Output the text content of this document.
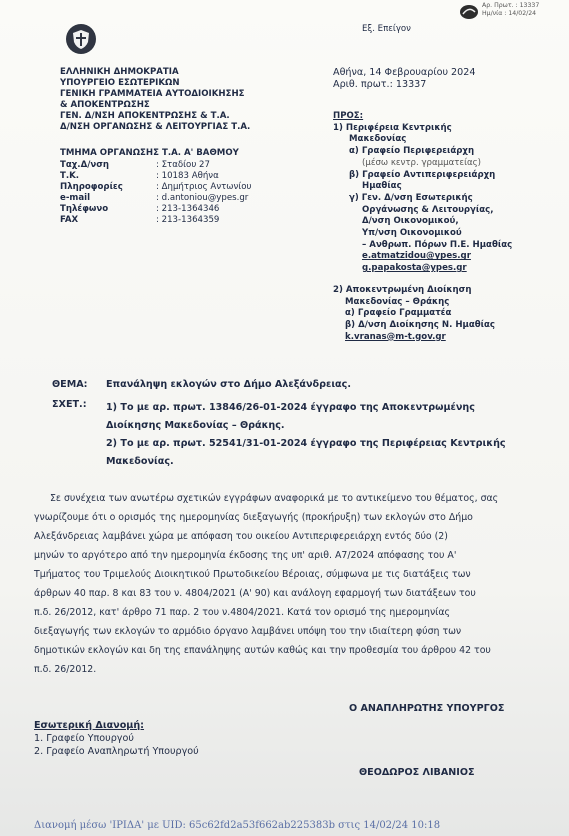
Αρ. Πρωτ. : 13337
Ημ/νία : 14/02/24
Εξ. Επείγον
ΕΛΛΗΝΙΚΗ ΔΗΜΟΚΡΑΤΙΑ
ΥΠΟΥΡΓΕΙΟ ΕΣΩΤΕΡΙΚΩΝ
ΓΕΝΙΚΗ ΓΡΑΜΜΑΤΕΙΑ ΑΥΤΟΔΙΟΙΚΗΣΗΣ
& ΑΠΟΚΕΝΤΡΩΣΗΣ
ΓΕΝ. Δ/ΝΣΗ ΑΠΟΚΕΝΤΡΩΣΗΣ & Τ.Α.
Δ/ΝΣΗ ΟΡΓΑΝΩΣΗΣ & ΛΕΙΤΟΥΡΓΙΑΣ Τ.Α.
ΤΜΗΜΑ ΟΡΓΑΝΩΣΗΣ Τ.Α. Α' ΒΑΘΜΟΥ
Ταχ.Δ/νση	: Σταδίου 27
Τ.Κ.	: 10183 Αθήνα
Πληροφορίες	: Δημήτριος Αντωνίου
e-mail	: d.antoniou@ypes.gr
Τηλέφωνο	: 213-1364346
FAX	: 213-1364359
Αθήνα, 14 Φεβρουαρίου 2024
Αριθ. πρωτ.: 13337
ΠΡΟΣ:
1) Περιφέρεια Κεντρικής
Μακεδονίας
α) Γραφείο Περιφερειάρχη
(μέσω κεντρ. γραμματείας)
β) Γραφείο Αντιπεριφερειάρχη
Ημαθίας
γ) Γεν. Δ/νση Εσωτερικής
Οργάνωσης & Λειτουργίας,
Δ/νση Οικονομικού,
Υπ/νση Οικονομικού
– Ανθρωπ. Πόρων Π.Ε. Ημαθίας
e.atmatzidou@ypes.gr
g.papakosta@ypes.gr
2) Αποκεντρωμένη Διοίκηση
Μακεδονίας – Θράκης
α) Γραφείο Γραμματέα
β) Δ/νση Διοίκησης Ν. Ημαθίας
k.vranas@m-t.gov.gr
ΘΕΜΑ: Επανάληψη εκλογών στο Δήμο Αλεξάνδρειας.
ΣΧΕΤ.: 1) Το με αρ. πρωτ. 13846/26-01-2024 έγγραφο της Αποκεντρωμένης
Διοίκησης Μακεδονίας – Θράκης.
2) Το με αρ. πρωτ. 52541/31-01-2024 έγγραφο της Περιφέρειας Κεντρικής
Μακεδονίας.
Σε συνέχεια των ανωτέρω σχετικών εγγράφων αναφορικά με το αντικείμενο του θέματος, σας
γνωρίζουμε ότι ο ορισμός της ημερομηνίας διεξαγωγής (προκήρυξη) των εκλογών στο Δήμο
Αλεξάνδρειας λαμβάνει χώρα με απόφαση του οικείου Αντιπεριφερειάρχη εντός δύο (2)
μηνών το αργότερο από την ημερομηνία έκδοσης της υπ' αριθ. Α7/2024 απόφασης του Α'
Τμήματος του Τριμελούς Διοικητικού Πρωτοδικείου Βέροιας, σύμφωνα με τις διατάξεις των
άρθρων 40 παρ. 8 και 83 του ν. 4804/2021 (Α' 90) και ανάλογη εφαρμογή των διατάξεων του
π.δ. 26/2012, κατ' άρθρο 71 παρ. 2 του ν.4804/2021. Κατά τον ορισμό της ημερομηνίας
διεξαγωγής των εκλογών το αρμόδιο όργανο λαμβάνει υπόψη του την ιδιαίτερη φύση των
δημοτικών εκλογών και δη της επανάληψης αυτών καθώς και την προθεσμία του άρθρου 42 του
π.δ. 26/2012.
Ο ΑΝΑΠΛΗΡΩΤΗΣ ΥΠΟΥΡΓΟΣ
Εσωτερική Διανομή:
1. Γραφείο Υπουργού
2. Γραφείο Αναπληρωτή Υπουργού
ΘΕΟΔΩΡΟΣ ΛΙΒΑΝΙΟΣ
Διανομή μέσω 'ΙΡΙΔΑ' με UID: 65c62fd2a53f662ab225383b στις 14/02/24 10:18
